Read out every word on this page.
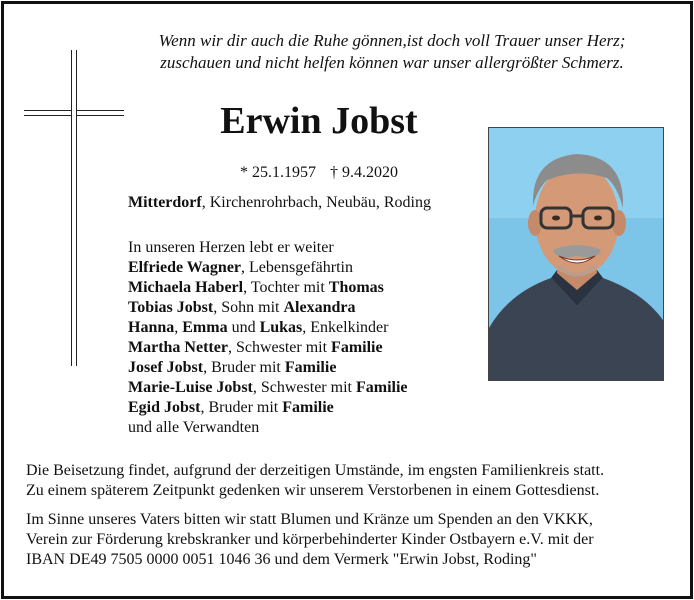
Wenn wir dir auch die Ruhe gönnen,ist doch voll Trauer unser Herz;
zuschauen und nicht helfen können war unser allergrößter Schmerz.
Erwin Jobst
* 25.1.1957 † 9.4.2020
Mitterdorf, Kirchenrohrbach, Neubäu, Roding
In unseren Herzen lebt er weiter
Elfriede Wagner, Lebensgefährtin
Michaela Haberl, Tochter mit Thomas
Tobias Jobst, Sohn mit Alexandra
Hanna, Emma und Lukas, Enkelkinder
Martha Netter, Schwester mit Familie
Josef Jobst, Bruder mit Familie
Marie-Luise Jobst, Schwester mit Familie
Egid Jobst, Bruder mit Familie
und alle Verwandten

Die Beisetzung findet, aufgrund der derzeitigen Umstände, im engsten Familienkreis statt.
Zu einem späterem Zeitpunkt gedenken wir unserem Verstorbenen in einem Gottesdienst.

Im Sinne unseres Vaters bitten wir statt Blumen und Kränze um Spenden an den VKKK,
Verein zur Förderung krebskranker und körperbehinderter Kinder Ostbayern e.V. mit der
IBAN DE49 7505 0000 0051 1046 36 und dem Vermerk "Erwin Jobst, Roding"
